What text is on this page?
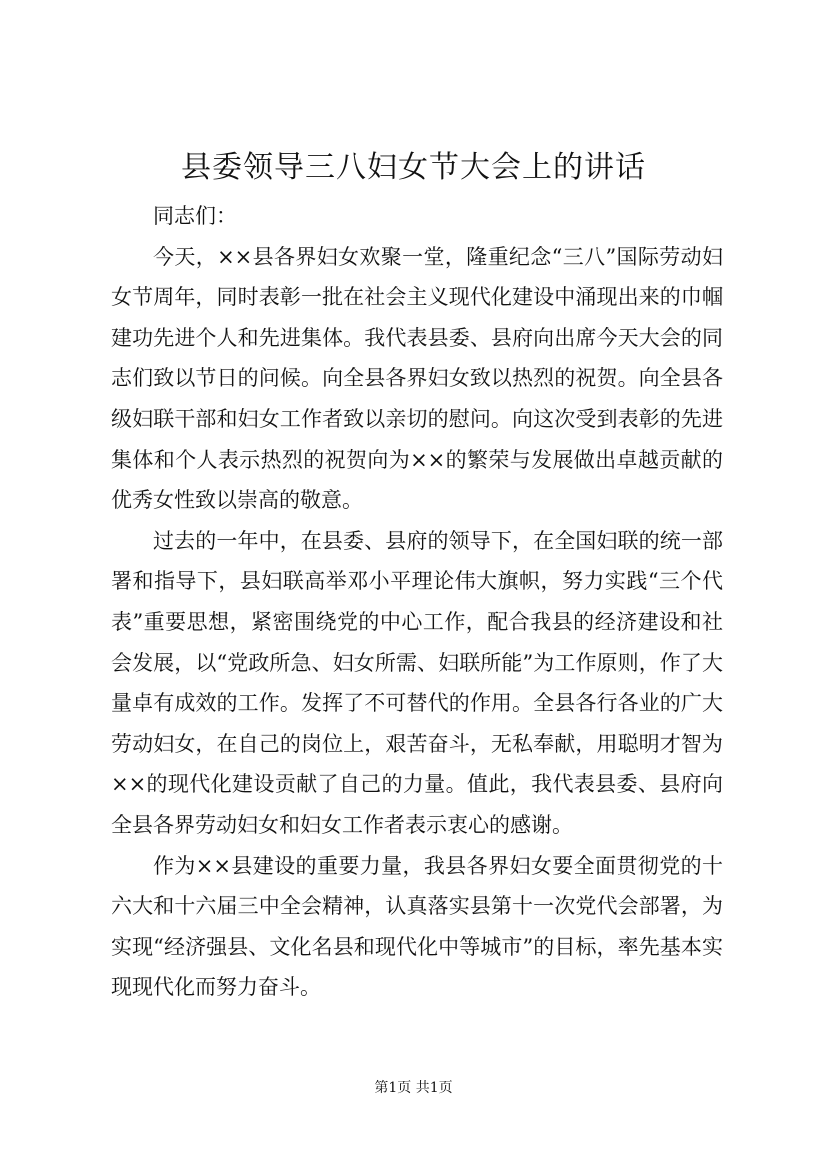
县委领导三八妇女节大会上的讲话

同志们：

今天，××县各界妇女欢聚一堂，隆重纪念“三八”国际劳动妇女节周年，同时表彰一批在社会主义现代化建设中涌现出来的巾帼建功先进个人和先进集体。我代表县委、县府向出席今天大会的同志们致以节日的问候。向全县各界妇女致以热烈的祝贺。向全县各级妇联干部和妇女工作者致以亲切的慰问。向这次受到表彰的先进集体和个人表示热烈的祝贺向为××的繁荣与发展做出卓越贡献的优秀女性致以崇高的敬意。

过去的一年中，在县委、县府的领导下，在全国妇联的统一部署和指导下，县妇联高举邓小平理论伟大旗帜，努力实践“三个代表”重要思想，紧密围绕党的中心工作，配合我县的经济建设和社会发展，以“党政所急、妇女所需、妇联所能”为工作原则，作了大量卓有成效的工作。发挥了不可替代的作用。全县各行各业的广大劳动妇女，在自己的岗位上，艰苦奋斗，无私奉献，用聪明才智为××的现代化建设贡献了自己的力量。值此，我代表县委、县府向全县各界劳动妇女和妇女工作者表示衷心的感谢。

作为××县建设的重要力量，我县各界妇女要全面贯彻党的十六大和十六届三中全会精神，认真落实县第十一次党代会部署，为实现“经济强县、文化名县和现代化中等城市”的目标，率先基本实现现代化而努力奋斗。

第1页 共1页
